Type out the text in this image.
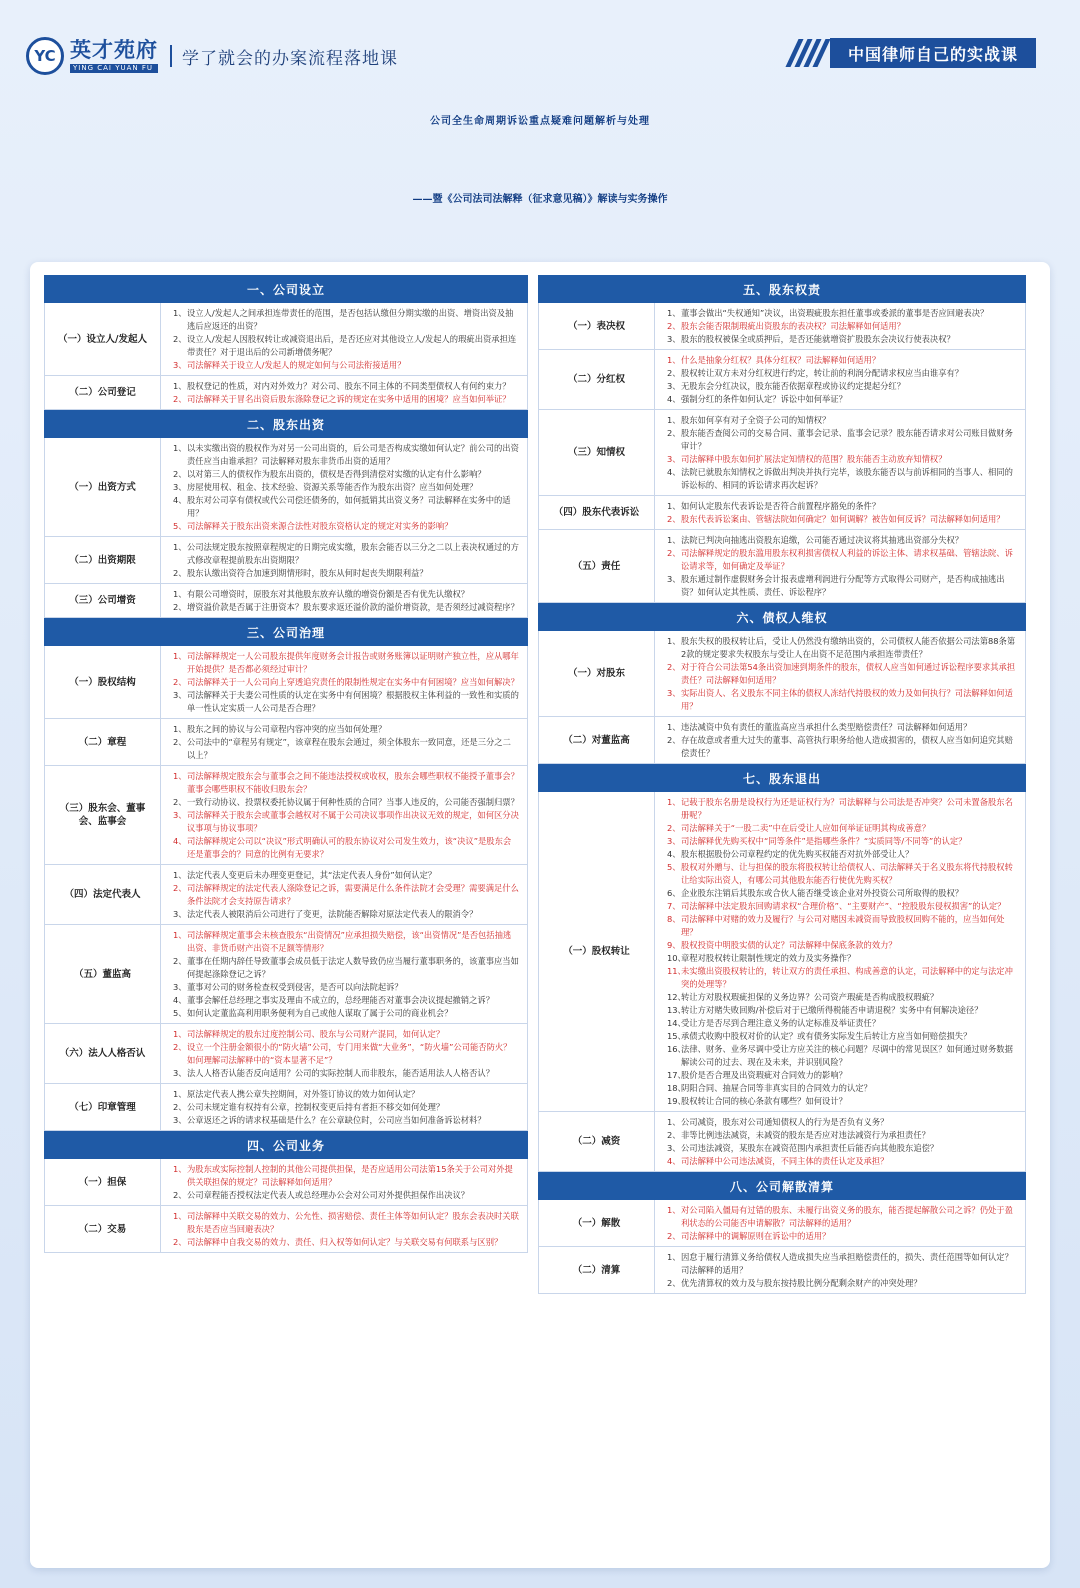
YC 英才苑府
YING CAI YUAN FU 学了就会的办案流程落地课	中国律师自己的实战课
公司全生命周期诉讼重点疑难问题解析与处理
——暨《公司法司法解释（征求意见稿）》解读与实务操作
一、公司设立
（一）设立人/发起人
1、 设立人/发起人之间承担连带责任的范围，是否包括认缴但分期实缴的出资、增资出资及抽逃后应返还的出资？
2、 设立人/发起人因股权转让或减资退出后，是否还应对其他设立人/发起人的瑕疵出资承担连带责任？对于退出后的公司新增债务呢？
3、 司法解释关于设立人/发起人的规定如何与公司法衔接适用？
（二）公司登记
1、 股权登记的性质，对内对外效力？对公司、股东不同主体的不同类型债权人有何约束力？
2、 司法解释关于冒名出资后股东涤除登记之诉的规定在实务中适用的困境？应当如何举证？
二、股东出资
（一）出资方式
1、 以未实缴出资的股权作为对另一公司出资的，后公司是否构成实缴如何认定？前公司的出资责任应当由谁承担？司法解释对股东非货币出资的适用？
2、 以对第三人的债权作为股东出资的，债权是否得到清偿对实缴的认定有什么影响？
3、 房屋使用权、租金、技术经验、资源关系等能否作为股东出资？应当如何处理？
4、 股东对公司享有债权或代公司偿还债务的，如何抵销其出资义务？司法解释在实务中的适用？
5、 司法解释关于股东出资来源合法性对股东资格认定的规定对实务的影响？
（二）出资期限
1、 公司法规定股东按照章程规定的日期完成实缴，股东会能否以三分之二以上表决权通过的方式修改章程提前股东出资期限？
2、 股东认缴出资符合加速到期情形时，股东从何时起丧失期限利益？
（三）公司增资
1、 有限公司增资时，原股东对其他股东放弃认缴的增资份额是否有优先认缴权？
2、 增资溢价款是否属于注册资本？股东要求返还溢价款的溢价增资款，是否须经过减资程序？
三、公司治理
（一）股权结构
1、 司法解释规定一人公司股东提供年度财务会计报告或财务账簿以证明财产独立性，应从哪年开始提供？是否都必须经过审计？
2、 司法解释关于一人公司向上穿透追究责任的限制性规定在实务中有何困境？应当如何解决？
3、 司法解释关于夫妻公司性质的认定在实务中有何困境？根据股权主体利益的一致性和实质的单一性认定实质一人公司是否合理？
（二）章程
1、 股东之间的协议与公司章程内容冲突的应当如何处理？
2、 公司法中的“章程另有规定”，该章程在股东会通过，须全体股东一致同意，还是三分之二以上？
（三）股东会、董事会、监事会
1、 司法解释规定股东会与董事会之间不能违法授权或收权，股东会哪些职权不能授予董事会？董事会哪些职权不能收归股东会？
2、 一致行动协议、投票权委托协议属于何种性质的合同？当事人违反的，公司能否强制归票？
3、 司法解释关于股东会或董事会越权对不属于公司决议事项作出决议无效的规定，如何区分决议事项与协议事项？
4、 司法解释规定公司以“决议”形式明确认可的股东协议对公司发生效力，该“决议”是股东会还是董事会的？同意的比例有无要求？
（四）法定代表人
1、 法定代表人变更后未办理变更登记，其“法定代表人身份”如何认定？
2、 司法解释规定的法定代表人涤除登记之诉，需要满足什么条件法院才会受理？需要满足什么条件法院才会支持原告请求？
3、 法定代表人被限消后公司进行了变更，法院能否解除对原法定代表人的限消令？
（五）董监高
1、 司法解释规定董事会未核查股东“出资情况”应承担损失赔偿，该“出资情况”是否包括抽逃出资、非货币财产出资不足额等情形？
2、 董事在任期内辞任导致董事会成员低于法定人数导致仍应当履行董事职务的，该董事应当如何提起涤除登记之诉？
3、 董事对公司的财务检查权受到侵害，是否可以向法院起诉？
4、 董事会解任总经理之事实及理由不成立的，总经理能否对董事会决议提起撤销之诉？
5、 如何认定董监高利用职务便利为自己或他人谋取了属于公司的商业机会？
（六）法人人格否认
1、 司法解释规定的股东过度控制公司、股东与公司财产混同，如何认定？
2、 设立一个注册金额很小的“防火墙”公司，专门用来做“大业务”，“防火墙”公司能否防火？如何理解司法解释中的“资本显著不足”？
3、 法人人格否认能否反向适用？公司的实际控制人而非股东，能否适用法人人格否认？
（七）印章管理
1、 原法定代表人携公章失控期间，对外签订协议的效力如何认定？
2、 公司未规定谁有权持有公章，控制权变更后持有者拒不移交如何处理？
3、 公章返还之诉的请求权基础是什么？在公章缺位时，公司应当如何准备诉讼材料？
四、公司业务
（一）担保
1、 为股东或实际控制人控制的其他公司提供担保，是否应适用公司法第15条关于公司对外提供关联担保的规定？司法解释如何适用？
2、 公司章程能否授权法定代表人或总经理办公会对公司对外提供担保作出决议？
（二）交易
1、 司法解释中关联交易的效力、公允性、损害赔偿、责任主体等如何认定？股东会表决时关联股东是否应当回避表决？
2、 司法解释中自我交易的效力、责任、归入权等如何认定？与关联交易有何联系与区别？
五、股东权责
（一）表决权
1、 董事会做出“失权通知”决议，出资瑕疵股东担任董事或委派的董事是否应回避表决？
2、 股东会能否限制瑕疵出资股东的表决权？司法解释如何适用？
3、 股东的股权被保全或质押后，是否还能就增资扩股股东会决议行使表决权？
（二）分红权
1、 什么是抽象分红权？具体分红权？司法解释如何适用？
2、 股权转让双方未对分红权进行约定，转让前的利润分配请求权应当由谁享有？
3、 无股东会分红决议，股东能否依据章程或协议约定提起分红？
4、 强制分红的条件如何认定？诉讼中如何举证？
（三）知情权
1、 股东如何享有对子全资子公司的知情权？
2、 股东能否查阅公司的交易合同、董事会记录、监事会记录？股东能否请求对公司账目做财务审计？
3、 司法解释中股东如何扩展法定知情权的范围？股东能否主动放弃知情权？
4、 法院已就股东知情权之诉做出判决并执行完毕，该股东能否以与前诉相同的当事人、相同的诉讼标的、相同的诉讼请求再次起诉？
（四）股东代表诉讼
1、 如何认定股东代表诉讼是否符合前置程序豁免的条件？
2、 股东代表诉讼案由、管辖法院如何确定？如何调解？被告如何反诉？司法解释如何适用？
（五）责任
1、 法院已判决向抽逃出资股东追缴，公司能否通过决议将其抽逃出资部分失权？
2、 司法解释规定的股东滥用股东权利损害债权人利益的诉讼主体、请求权基础、管辖法院、诉讼请求等，如何确定及举证？
3、 股东通过制作虚假财务会计报表虚增利润进行分配等方式取得公司财产，是否构成抽逃出资？如何认定其性质、责任、诉讼程序？
六、债权人维权
（一）对股东
1、 股东失权的股权转让后，受让人仍然没有缴纳出资的，公司债权人能否依据公司法第88条第2款的规定要求失权股东与受让人在出资不足范围内承担连带责任？
2、 对于符合公司法第54条出资加速到期条件的股东，债权人应当如何通过诉讼程序要求其承担责任？司法解释如何适用？
3、 实际出资人、名义股东不同主体的债权人冻结代持股权的效力及如何执行？司法解释如何适用？
（二）对董监高
1、 违法减资中负有责任的董监高应当承担什么类型赔偿责任？司法解释如何适用？
2、 存在故意或者重大过失的董事、高管执行职务给他人造成损害的，债权人应当如何追究其赔偿责任？
七、股东退出
（一）股权转让
1、 记载于股东名册是设权行为还是证权行为？司法解释与公司法是否冲突？公司未置备股东名册呢？
2、 司法解释关于“一股二卖”中在后受让人应如何举证证明其构成善意？
3、 司法解释优先购买权中“同等条件”是指哪些条件？“实质同等/不同等”的认定？
4、 股东根据股份公司章程约定的优先购买权能否对抗外部受让人？
5、 股权对外赠与、让与担保的股东将股权转让给债权人、司法解释关于名义股东将代持股权转让给实际出资人，有哪公司其他股东能否行使优先购买权？
6、 企业股东注销后其股东或合伙人能否继受该企业对外投资公司所取得的股权？
7、 司法解释中法定股东回购请求权“合理价格”、“主要财产”、“控股股东侵权损害”的认定？
8、 司法解释中对赌的效力及履行？与公司对赌因未减资而导致股权回购不能的，应当如何处理？
9、 股权投资中明股实债的认定？司法解释中保底条款的效力？
10、
章程对股权转让限制性规定的效力及实务操作？
11、
未实缴出资股权转让的，转让双方的责任承担、构成善意的认定，司法解释中的定与法定冲突的处理等？
12、
转让方对股权瑕疵担保的义务边界？公司资产瑕疵是否构成股权瑕疵？
13、
转让方对赌失败回购/补偿后对于已缴所得税能否申请退税？实务中有何解决途径？
14、
受让方是否尽到合理注意义务的认定标准及举证责任？
15、
承债式收购中股权对价的认定？或有债务实际发生后转让方应当如何赔偿损失？
16、
法律、财务、业务尽调中受让方应关注的核心问题？尽调中的常见误区？如何通过财务数据解读公司的过去、现在及未来，并识别风险？
17、
股价是否合理及出资瑕疵对合同效力的影响？
18、
阴阳合同、抽屉合同等非真实目的合同效力的认定？
19、
股权转让合同的核心条款有哪些？如何设计？
（二）减资
1、 公司减资，股东对公司通知债权人的行为是否负有义务？
2、 非等比例违法减资，未减资的股东是否应对违法减资行为承担责任？
3、 公司违法减资，某股东在减资范围内承担责任后能否向其他股东追偿？
4、 司法解释中公司违法减资，不同主体的责任认定及承担？
八、公司解散清算
（一）解散
1、 对公司陷入僵局有过错的股东、未履行出资义务的股东，能否提起解散公司之诉？仍处于盈利状态的公司能否申请解散？司法解释的适用？
2、 司法解释中的调解原则在诉讼中的适用？
（二）清算
1、 因怠于履行清算义务给债权人造成损失应当承担赔偿责任的，损失、责任范围等如何认定？司法解释的适用？
2、 优先清算权的效力及与股东按持股比例分配剩余财产的冲突处理？
